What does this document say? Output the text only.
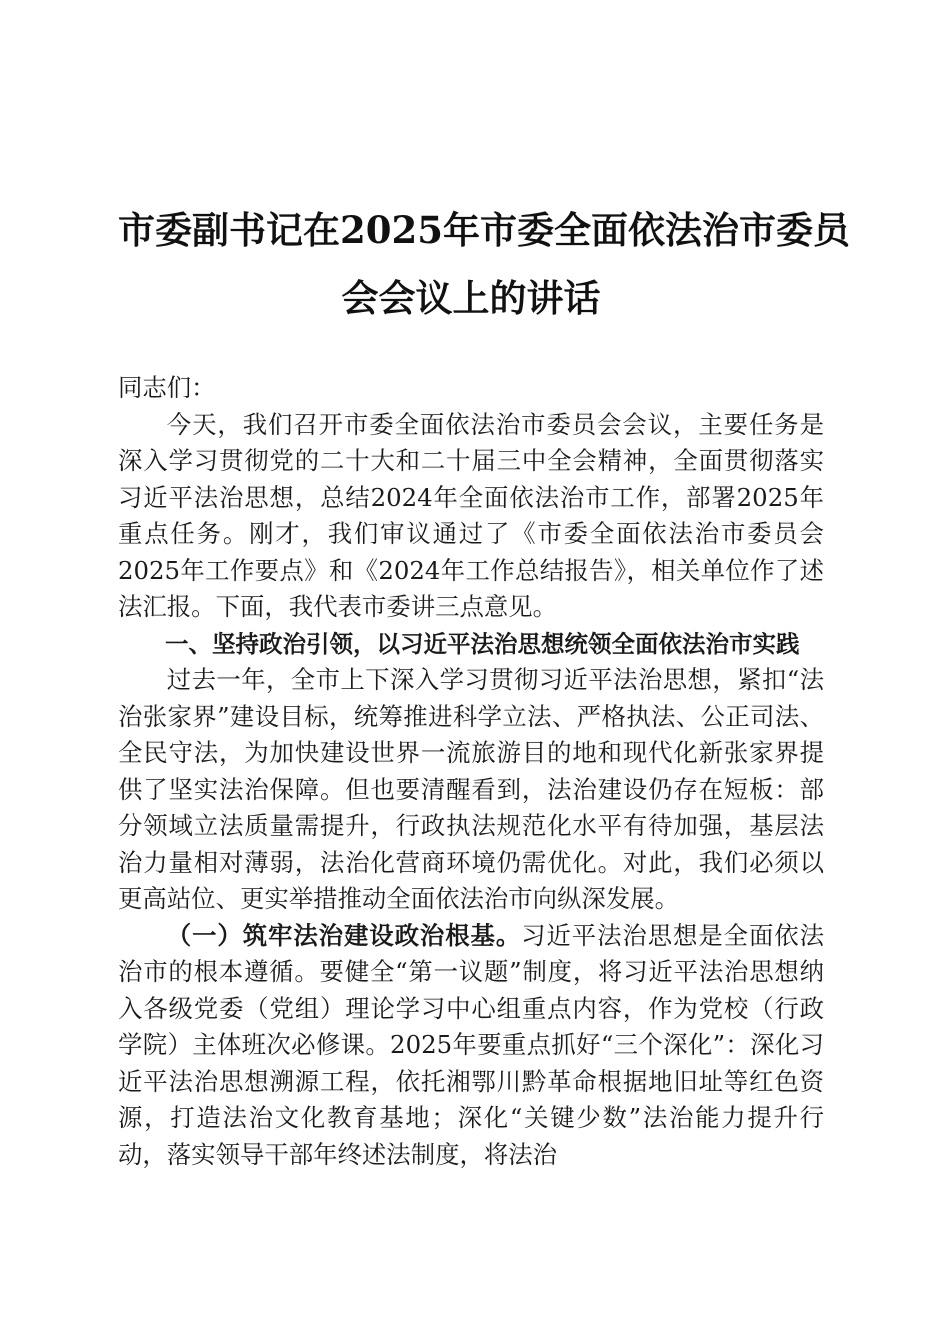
市委副书记在2025年市委全面依法治市委员
会会议上的讲话

同志们：

今天，我们召开市委全面依法治市委员会会议，主要任务是深入学习贯彻党的二十大和二十届三中全会精神，全面贯彻落实习近平法治思想，总结2024年全面依法治市工作，部署2025年重点任务。刚才，我们审议通过了《市委全面依法治市委员会2025年工作要点》和《2024年工作总结报告》，相关单位作了述法汇报。下面，我代表市委讲三点意见。

一、坚持政治引领，以习近平法治思想统领全面依法治市实践

过去一年，全市上下深入学习贯彻习近平法治思想，紧扣“法治张家界”建设目标，统筹推进科学立法、严格执法、公正司法、全民守法，为加快建设世界一流旅游目的地和现代化新张家界提供了坚实法治保障。但也要清醒看到，法治建设仍存在短板：部分领域立法质量需提升，行政执法规范化水平有待加强，基层法治力量相对薄弱，法治化营商环境仍需优化。对此，我们必须以更高站位、更实举措推动全面依法治市向纵深发展。

（一）筑牢法治建设政治根基。习近平法治思想是全面依法治市的根本遵循。要健全“第一议题”制度，将习近平法治思想纳入各级党委（党组）理论学习中心组重点内容，作为党校（行政学院）主体班次必修课。2025年要重点抓好“三个深化”：深化习近平法治思想溯源工程，依托湘鄂川黔革命根据地旧址等红色资源，打造法治文化教育基地；深化“关键少数”法治能力提升行动，落实领导干部年终述法制度，将法治
